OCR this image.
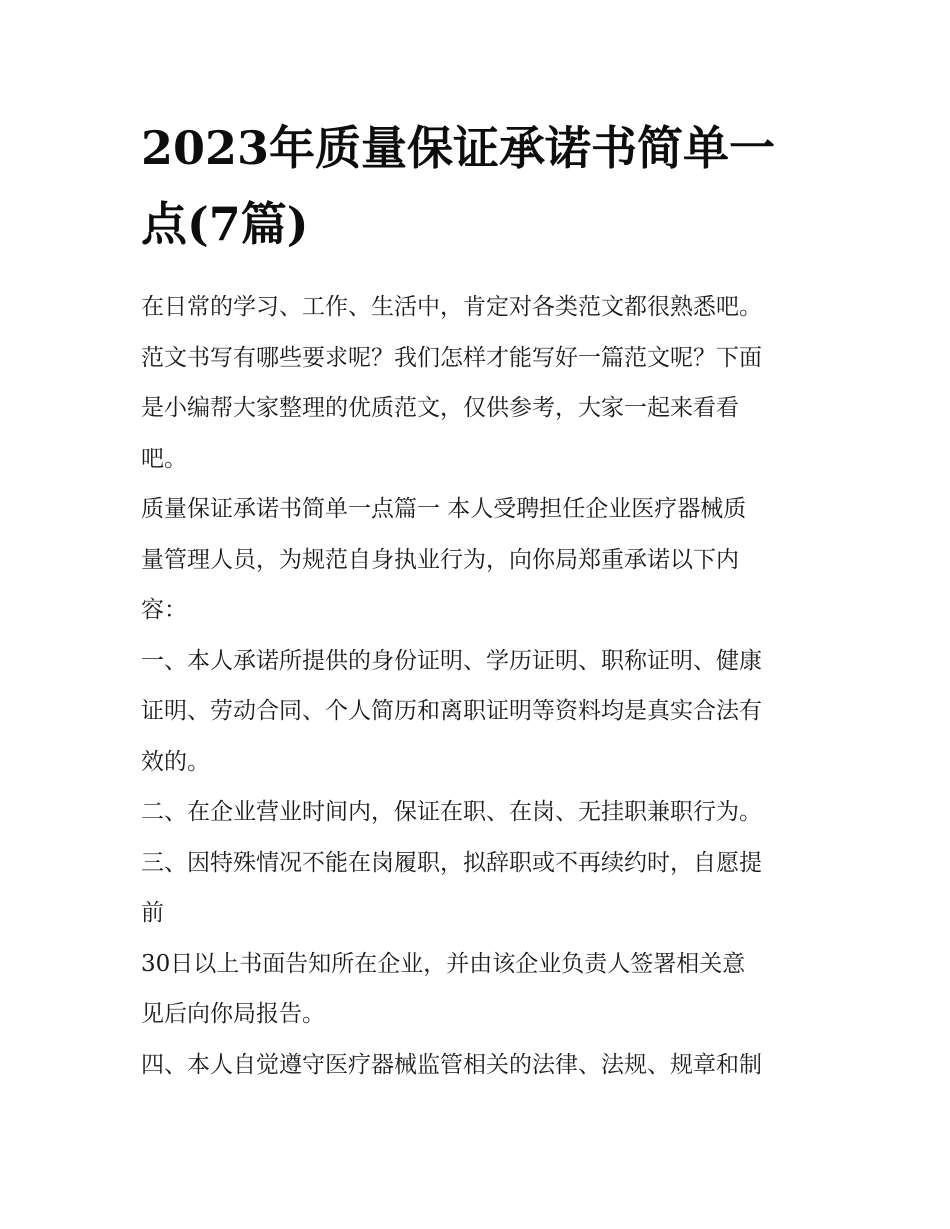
2023年质量保证承诺书简单一
点(7篇)
在日常的学习、工作、生活中，肯定对各类范文都很熟悉吧。
范文书写有哪些要求呢？我们怎样才能写好一篇范文呢？下面
是小编帮大家整理的优质范文，仅供参考，大家一起来看看
吧。
质量保证承诺书简单一点篇一 本人受聘担任企业医疗器械质
量管理人员，为规范自身执业行为，向你局郑重承诺以下内
容：
一、本人承诺所提供的身份证明、学历证明、职称证明、健康
证明、劳动合同、个人简历和离职证明等资料均是真实合法有
效的。
二、在企业营业时间内，保证在职、在岗、无挂职兼职行为。
三、因特殊情况不能在岗履职，拟辞职或不再续约时，自愿提
前
30日以上书面告知所在企业，并由该企业负责人签署相关意
见后向你局报告。
四、本人自觉遵守医疗器械监管相关的法律、法规、规章和制
